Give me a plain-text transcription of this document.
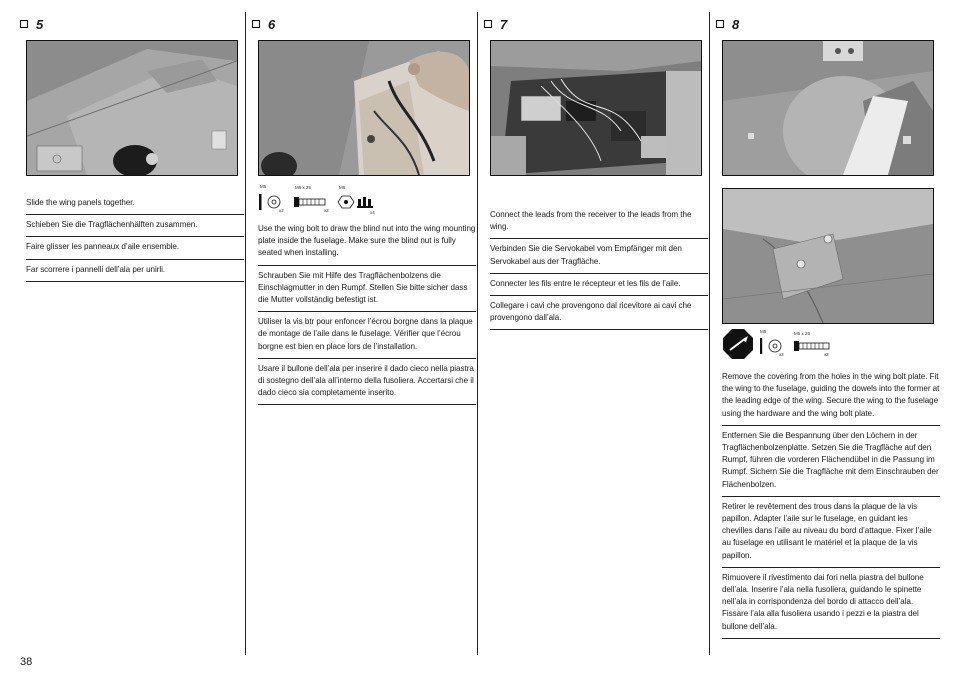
5
Slide the wing panels together.
Schieben Sie die Tragflächenhälften zusammen.
Faire glisser les panneaux d’aile ensemble.
Far scorrere i pannelli dell’ala per unirli.
6
M5
x2
M5 x 25
x2
M5
x4
Use the wing bolt to draw the blind nut into the wing mounting plate inside the fuselage. Make sure the blind nut is fully seated when installing.
Schrauben Sie mit Hilfe des Tragflächenbolzens die Einschlagmutter in den Rumpf. Stellen Sie bitte sicher dass die Mutter vollständig befestigt ist.
Utiliser la vis btr pour enfoncer l’écrou borgne dans la plaque de montage de l’aile dans le fuselage. Vérifier que l’écrou borgne est bien en place lors de l’installation.
Usare il bullone dell’ala per inserire il dado cieco nella piastra di sostegno dell’ala all’interno della fusoliera. Accertarsi che il dado cieco sia completamente inserito.
7
Connect the leads from the receiver to the leads from the wing.
Verbinden Sie die Servokabel vom Empfänger mit den Servokabel aus der Tragfläche.
Connecter les fils entre le récepteur et les fils de l’aile.
Collegare i cavi che provengono dal ricevitore ai cavi che provengono dall’ala.
8
M5
x2
M5 x 25
x2
Remove the covering from the holes in the wing bolt plate. Fit the wing to the fuselage, guiding the dowels into the former at the leading edge of the wing. Secure the wing to the fuselage using the hardware and the wing bolt plate.
Entfernen Sie die Bespannung über den Löchern in der Tragflächenbolzenplatte. Setzen Sie die Tragfläche auf den Rumpf, führen die vorderen Flächendübel in die Passung im Rumpf. Sichern Sie die Tragfläche mit dem Einschrauben der Flächenbolzen.
Retirer le revêtement des trous dans la plaque de la vis papillon. Adapter l’aile sur le fuselage, en guidant les chevilles dans l’aile au niveau du bord d’attaque. Fixer l’aile au fuselage en utilisant le matériel et la plaque de la vis papillon.
Rimuovere il rivestimento dai fori nella piastra del bullone dell’ala. Inserire l’ala nella fusoliera, guidando le spinette nell’ala in corrispondenza del bordo di attacco dell’ala. Fissare l’ala alla fusoliera usando i pezzi e la piastra del bullone dell’ala.
38
